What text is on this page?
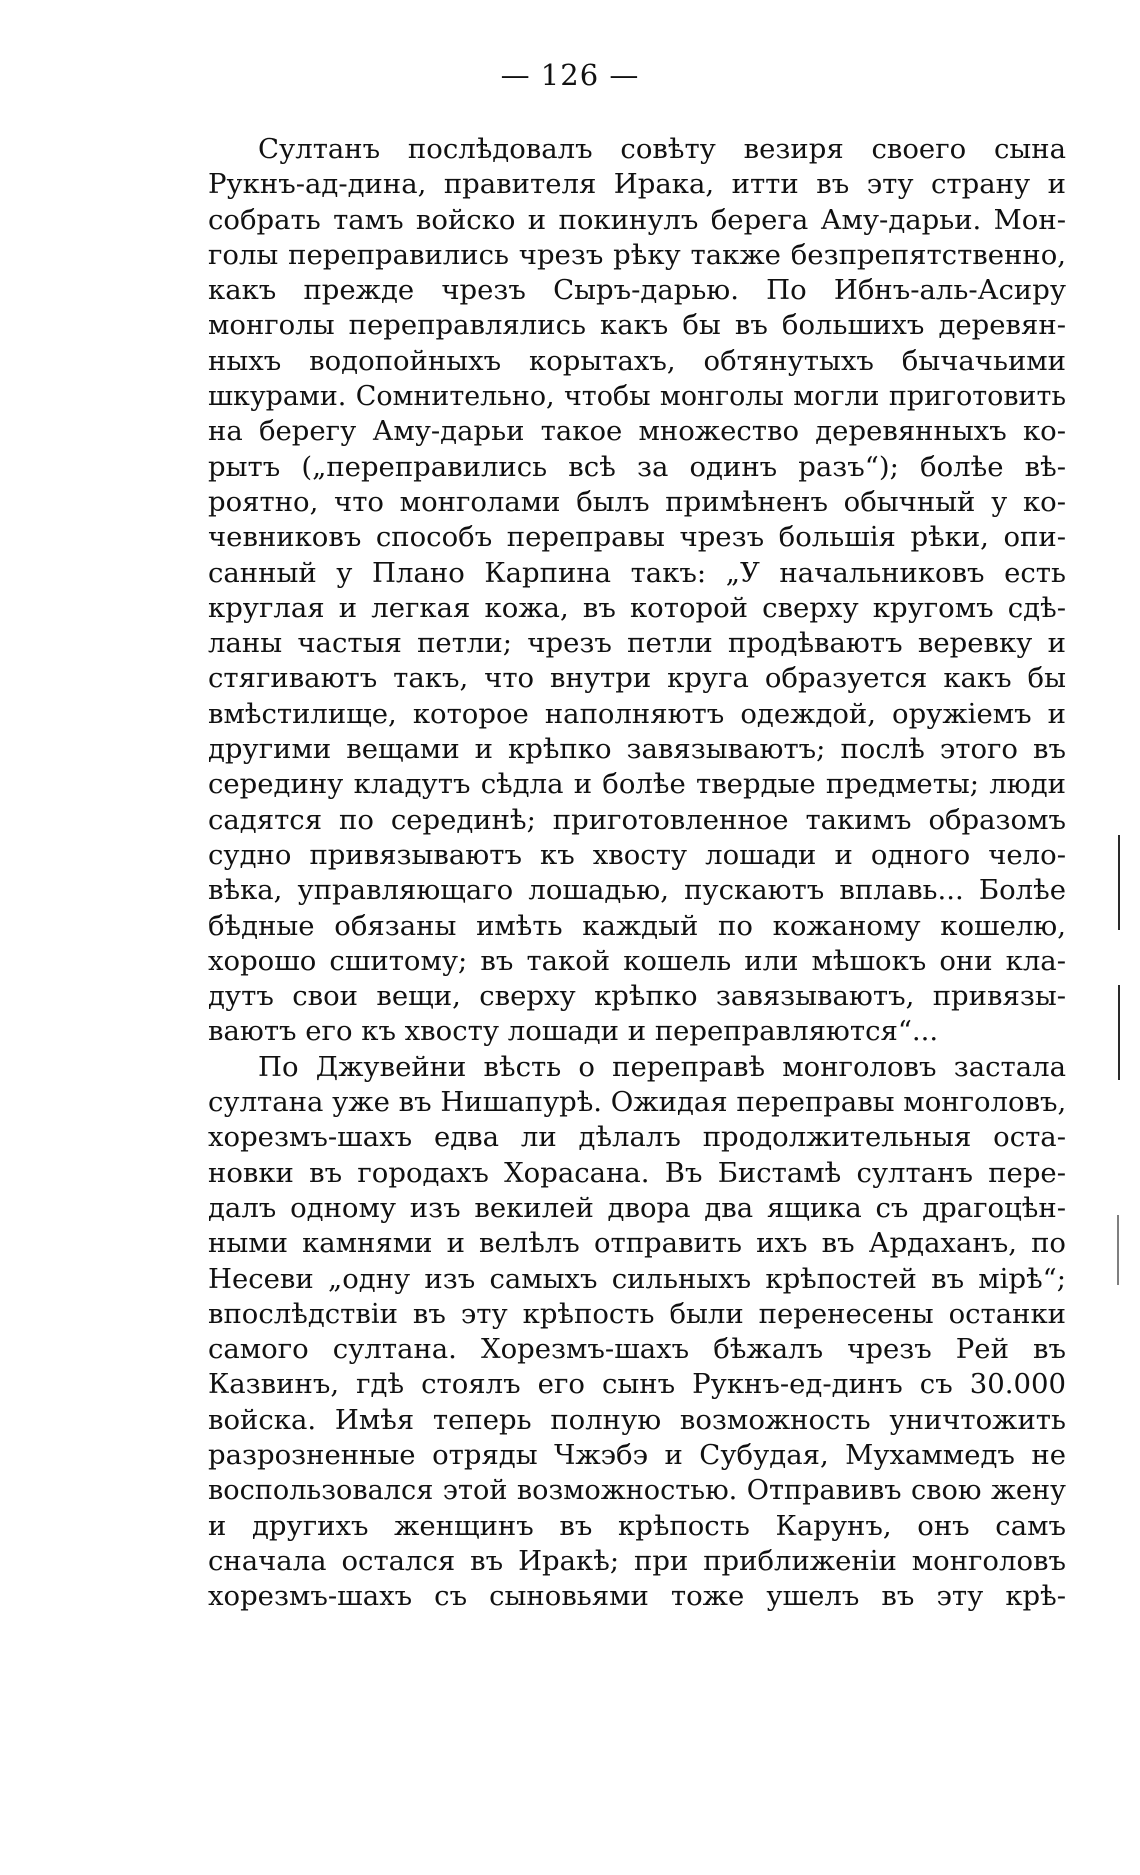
— 126 —
Султанъ послѣдовалъ совѣту везиря своего сына
Рукнъ-ад-дина, правителя Ирака, итти въ эту страну и
собрать тамъ войско и покинулъ берега Аму-дарьи. Мон-
голы переправились чрезъ рѣку также безпрепятственно,
какъ прежде чрезъ Сыръ-дарью. По Ибнъ-аль-Асиру
монголы переправлялись какъ бы въ большихъ деревян-
ныхъ водопойныхъ корытахъ, обтянутыхъ бычачьими
шкурами. Сомнительно, чтобы монголы могли приготовить
на берегу Аму-дарьи такое множество деревянныхъ ко-
рытъ („переправились всѣ за одинъ разъ“); болѣе вѣ-
роятно, что монголами былъ примѣненъ обычный у ко-
чевниковъ способъ переправы чрезъ большія рѣки, опи-
санный у Плано Карпина такъ: „У начальниковъ есть
круглая и легкая кожа, въ которой сверху кругомъ сдѣ-
ланы частыя петли; чрезъ петли продѣваютъ веревку и
стягиваютъ такъ, что внутри круга образуется какъ бы
вмѣстилище, которое наполняютъ одеждой, оружіемъ и
другими вещами и крѣпко завязываютъ; послѣ этого въ
середину кладутъ сѣдла и болѣе твердые предметы; люди
садятся по серединѣ; приготовленное такимъ образомъ
судно привязываютъ къ хвосту лошади и одного чело-
вѣка, управляющаго лошадью, пускаютъ вплавь... Болѣе
бѣдные обязаны имѣть каждый по кожаному кошелю,
хорошо сшитому; въ такой кошель или мѣшокъ они кла-
дутъ свои вещи, сверху крѣпко завязываютъ, привязы-
ваютъ его къ хвосту лошади и переправляются“...
По Джувейни вѣсть о переправѣ монголовъ застала
султана уже въ Нишапурѣ. Ожидая переправы монголовъ,
хорезмъ-шахъ едва ли дѣлалъ продолжительныя оста-
новки въ городахъ Хорасана. Въ Бистамѣ султанъ пере-
далъ одному изъ векилей двора два ящика съ драгоцѣн-
ными камнями и велѣлъ отправить ихъ въ Ардаханъ, по
Несеви „одну изъ самыхъ сильныхъ крѣпостей въ мірѣ“;
впослѣдствіи въ эту крѣпость были перенесены останки
самого султана. Хорезмъ-шахъ бѣжалъ чрезъ Рей въ
Казвинъ, гдѣ стоялъ его сынъ Рукнъ-ед-динъ съ 30.000
войска. Имѣя теперь полную возможность уничтожить
разрозненные отряды Чжэбэ и Субудая, Мухаммедъ не
воспользовался этой возможностью. Отправивъ свою жену
и другихъ женщинъ въ крѣпость Карунъ, онъ самъ
сначала остался въ Иракѣ; при приближеніи монголовъ
хорезмъ-шахъ съ сыновьями тоже ушелъ въ эту крѣ-
